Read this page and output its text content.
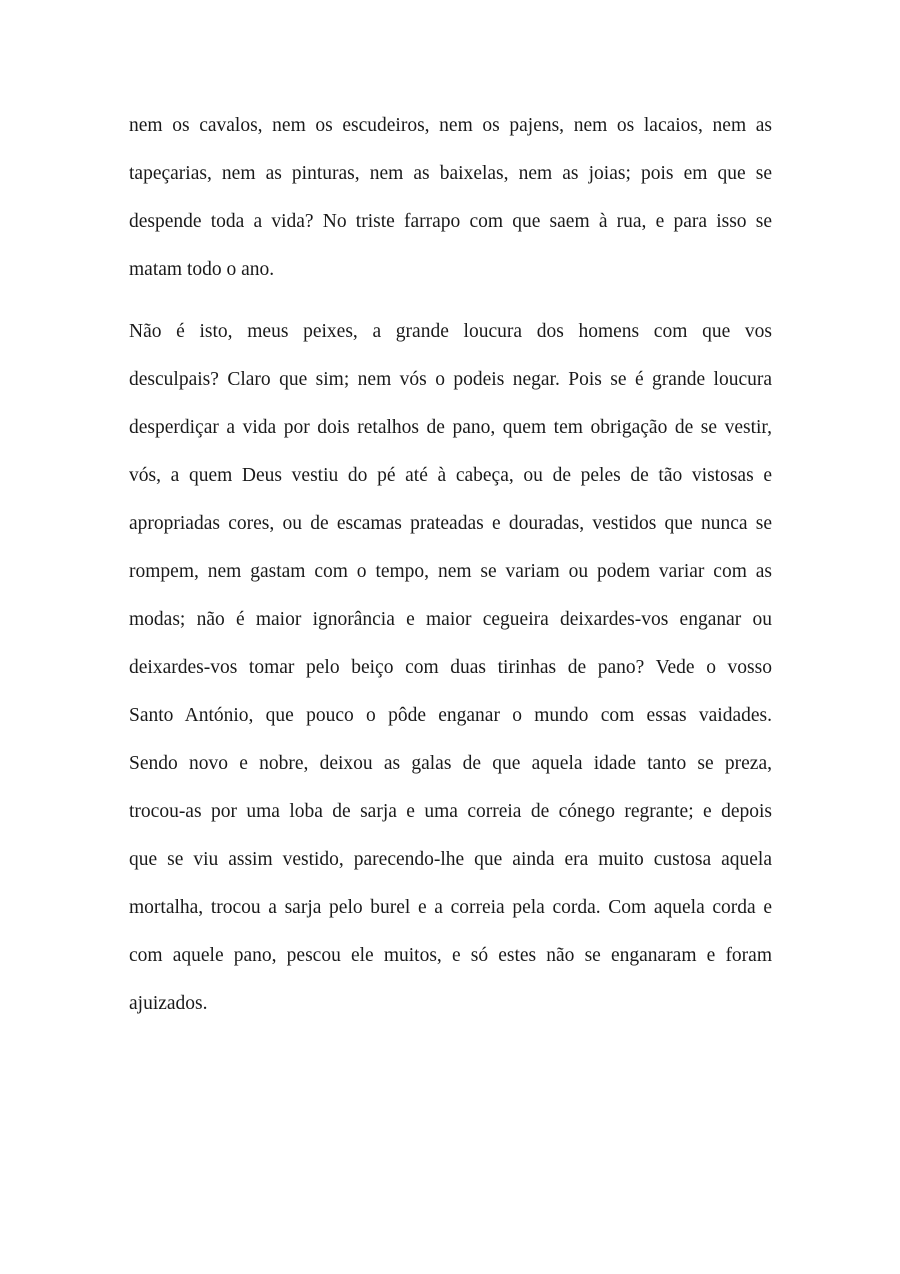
nem os cavalos, nem os escudeiros, nem os pajens, nem os lacaios, nem as
tapeçarias, nem as pinturas, nem as baixelas, nem as joias; pois em que se
despende toda a vida? No triste farrapo com que saem à rua, e para isso se
matam todo o ano.
Não é isto, meus peixes, a grande loucura dos homens com que vos
desculpais? Claro que sim; nem vós o podeis negar. Pois se é grande loucura
desperdiçar a vida por dois retalhos de pano, quem tem obrigação de se vestir,
vós, a quem Deus vestiu do pé até à cabeça, ou de peles de tão vistosas e
apropriadas cores, ou de escamas prateadas e douradas, vestidos que nunca se
rompem, nem gastam com o tempo, nem se variam ou podem variar com as
modas; não é maior ignorância e maior cegueira deixardes-vos enganar ou
deixardes-vos tomar pelo beiço com duas tirinhas de pano? Vede o vosso
Santo António, que pouco o pôde enganar o mundo com essas vaidades.
Sendo novo e nobre, deixou as galas de que aquela idade tanto se preza,
trocou-as por uma loba de sarja e uma correia de cónego regrante; e depois
que se viu assim vestido, parecendo-lhe que ainda era muito custosa aquela
mortalha, trocou a sarja pelo burel e a correia pela corda. Com aquela corda e
com aquele pano, pescou ele muitos, e só estes não se enganaram e foram
ajuizados.
